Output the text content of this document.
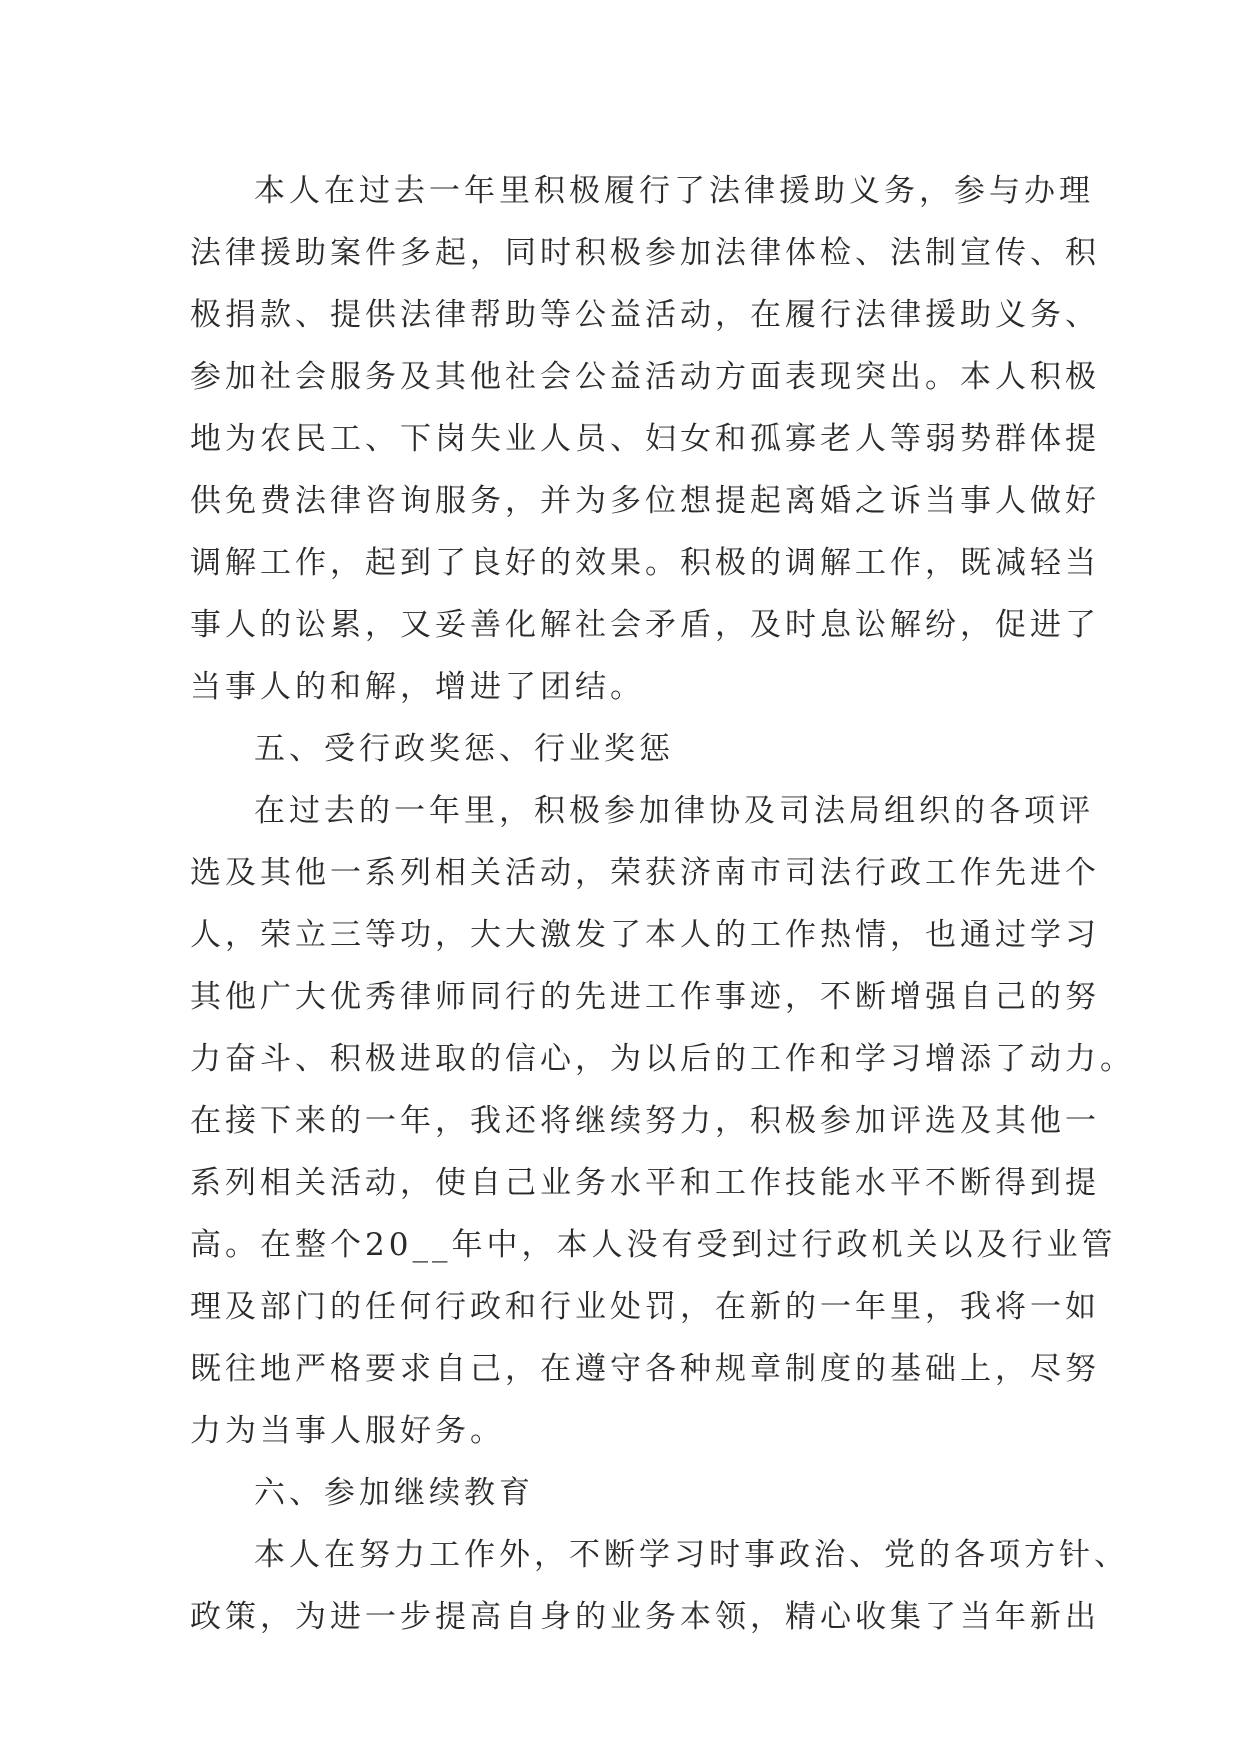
本人在过去一年里积极履行了法律援助义务，参与办理
法律援助案件多起，同时积极参加法律体检、法制宣传、积
极捐款、提供法律帮助等公益活动，在履行法律援助义务、
参加社会服务及其他社会公益活动方面表现突出。本人积极
地为农民工、下岗失业人员、妇女和孤寡老人等弱势群体提
供免费法律咨询服务，并为多位想提起离婚之诉当事人做好
调解工作，起到了良好的效果。积极的调解工作，既减轻当
事人的讼累，又妥善化解社会矛盾，及时息讼解纷，促进了
当事人的和解，增进了团结。
五、受行政奖惩、行业奖惩
在过去的一年里，积极参加律协及司法局组织的各项评
选及其他一系列相关活动，荣获济南市司法行政工作先进个
人，荣立三等功，大大激发了本人的工作热情，也通过学习
其他广大优秀律师同行的先进工作事迹，不断增强自己的努
力奋斗、积极进取的信心，为以后的工作和学习增添了动力。
在接下来的一年，我还将继续努力，积极参加评选及其他一
系列相关活动，使自己业务水平和工作技能水平不断得到提
高。在整个20__年中，本人没有受到过行政机关以及行业管
理及部门的任何行政和行业处罚，在新的一年里，我将一如
既往地严格要求自己，在遵守各种规章制度的基础上，尽努
力为当事人服好务。
六、参加继续教育
本人在努力工作外，不断学习时事政治、党的各项方针、
政策，为进一步提高自身的业务本领，精心收集了当年新出
